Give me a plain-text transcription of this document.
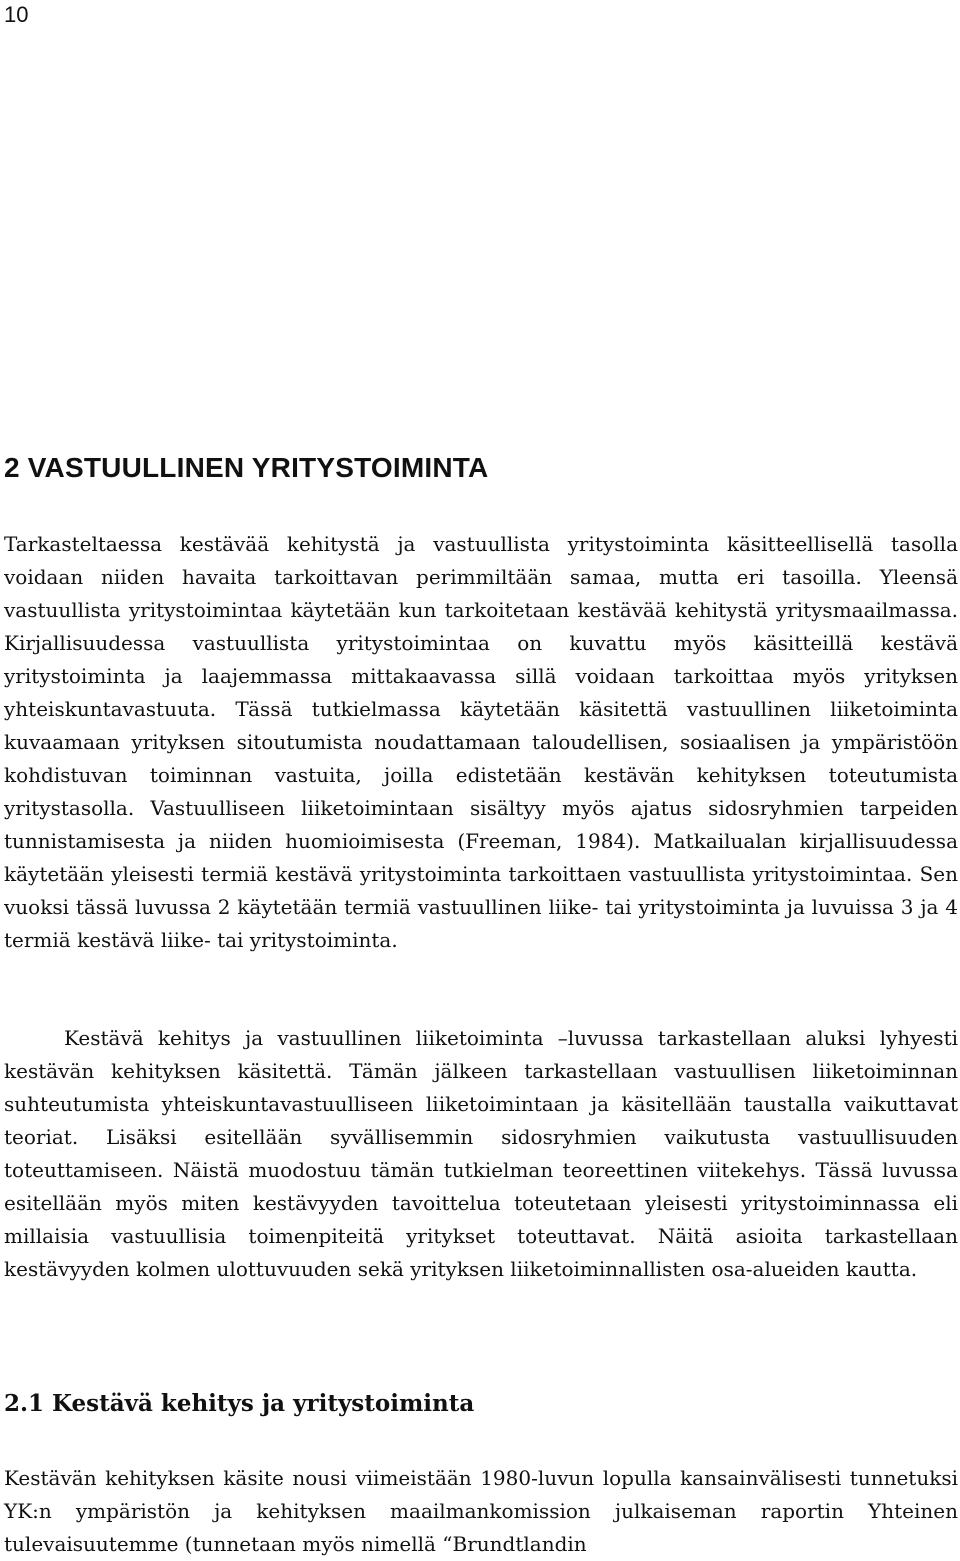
10
2 VASTUULLINEN YRITYSTOIMINTA

Tarkasteltaessa kestävää kehitystä ja vastuullista yritystoiminta käsitteellisellä tasolla voidaan niiden havaita tarkoittavan perimmiltään samaa, mutta eri tasoilla. Yleensä vastuullista yritystoimintaa käytetään kun tarkoitetaan kestävää kehitystä yritysmaailmassa. Kirjallisuudessa vastuullista yritystoimintaa on kuvattu myös käsitteillä kestävä yritystoiminta ja laajemmassa mittakaavassa sillä voidaan tarkoittaa myös yrityksen yhteiskuntavastuuta. Tässä tutkielmassa käytetään käsitettä vastuullinen liiketoiminta kuvaamaan yrityksen sitoutumista noudattamaan taloudellisen, sosiaalisen ja ympäristöön kohdistuvan toiminnan vastuita, joilla edistetään kestävän kehityksen toteutumista yritystasolla. Vastuulliseen liiketoimintaan sisältyy myös ajatus sidosryhmien tarpeiden tunnistamisesta ja niiden huomioimisesta (Freeman, 1984). Matkailualan kirjallisuudessa käytetään yleisesti termiä kestävä yritystoiminta tarkoittaen vastuullista yritystoimintaa. Sen vuoksi tässä luvussa 2 käytetään termiä vastuullinen liike- tai yritystoiminta ja luvuissa 3 ja 4 termiä kestävä liike- tai yritystoiminta.

Kestävä kehitys ja vastuullinen liiketoiminta –luvussa tarkastellaan aluksi lyhyesti kestävän kehityksen käsitettä. Tämän jälkeen tarkastellaan vastuullisen liiketoiminnan suhteutumista yhteiskuntavastuulliseen liiketoimintaan ja käsitellään taustalla vaikuttavat teoriat. Lisäksi esitellään syvällisemmin sidosryhmien vaikutusta vastuullisuuden toteuttamiseen. Näistä muodostuu tämän tutkielman teoreettinen viitekehys. Tässä luvussa esitellään myös miten kestävyyden tavoittelua toteutetaan yleisesti yritystoiminnassa eli millaisia vastuullisia toimenpiteitä yritykset toteuttavat. Näitä asioita tarkastellaan kestävyyden kolmen ulottuvuuden sekä yrityksen liiketoiminnallisten osa-alueiden kautta.

2.1 Kestävä kehitys ja yritystoiminta

Kestävän kehityksen käsite nousi viimeistään 1980-luvun lopulla kansainvälisesti tunnetuksi YK:n ympäristön ja kehityksen maailmankomission julkaiseman raportin Yhteinen tulevaisuutemme (tunnetaan myös nimellä “Brundtlandin
